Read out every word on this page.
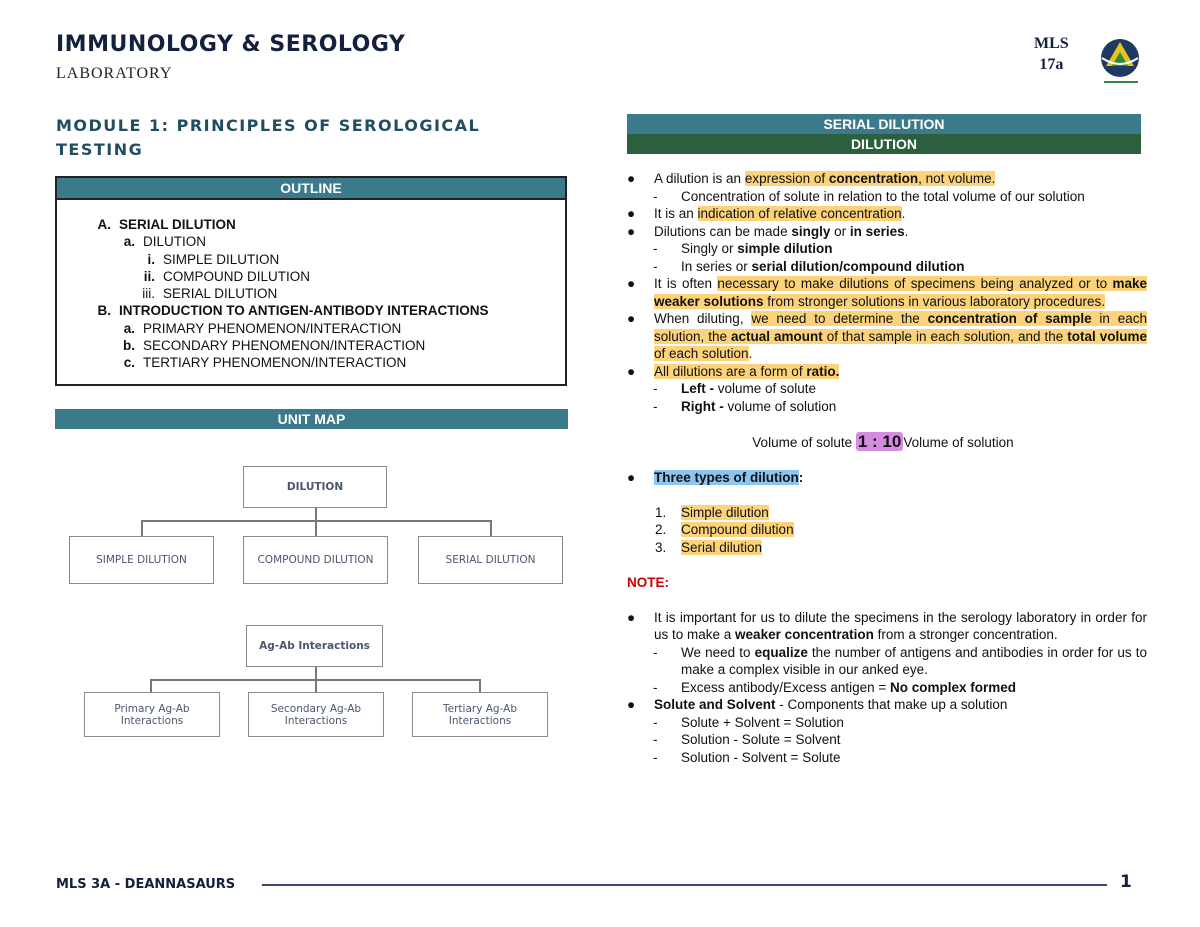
IMMUNOLOGY & SEROLOGY
LABORATORY
MLS
17a
MODULE 1: PRINCIPLES OF SEROLOGICAL TESTING
OUTLINE
A. SERIAL DILUTION
a. DILUTION
i. SIMPLE DILUTION
ii. COMPOUND DILUTION
iii. SERIAL DILUTION
B. INTRODUCTION TO ANTIGEN-ANTIBODY INTERACTIONS
a. PRIMARY PHENOMENON/INTERACTION
b. SECONDARY PHENOMENON/INTERACTION
c. TERTIARY PHENOMENON/INTERACTION
UNIT MAP
DILUTION
SIMPLE DILUTION	COMPOUND DILUTION	SERIAL DILUTION
Ag-Ab Interactions
Primary Ag-Ab Interactions
Secondary Ag-Ab Interactions
Tertiary Ag-Ab Interactions
SERIAL DILUTION
DILUTION
● A dilution is an expression of concentration, not volume.
- Concentration of solute in relation to the total volume of our solution
● It is an indication of relative concentration.
● Dilutions can be made singly or in series.
- Singly or simple dilution
- In series or serial dilution/compound dilution
● It is often necessary to make dilutions of specimens being analyzed or to make weaker solutions from stronger solutions in various laboratory procedures.
● When diluting, we need to determine the concentration of sample in each solution, the actual amount of that sample in each solution, and the total volume of each solution.
● All dilutions are a form of ratio.
- Left - volume of solute
- Right - volume of solution
Volume of solute 1 : 10 Volume of solution
● Three types of dilution:
1. Simple dilution
2. Compound dilution
3. Serial dilution
NOTE:
● It is important for us to dilute the specimens in the serology laboratory in order for us to make a weaker concentration from a stronger concentration.
- We need to equalize the number of antigens and antibodies in order for us to make a complex visible in our anked eye.
- Excess antibody/Excess antigen = No complex formed
● Solute and Solvent - Components that make up a solution
- Solute + Solvent = Solution
- Solution - Solute = Solvent
- Solution - Solvent = Solute
MLS 3A - DEANNASAURS	1
